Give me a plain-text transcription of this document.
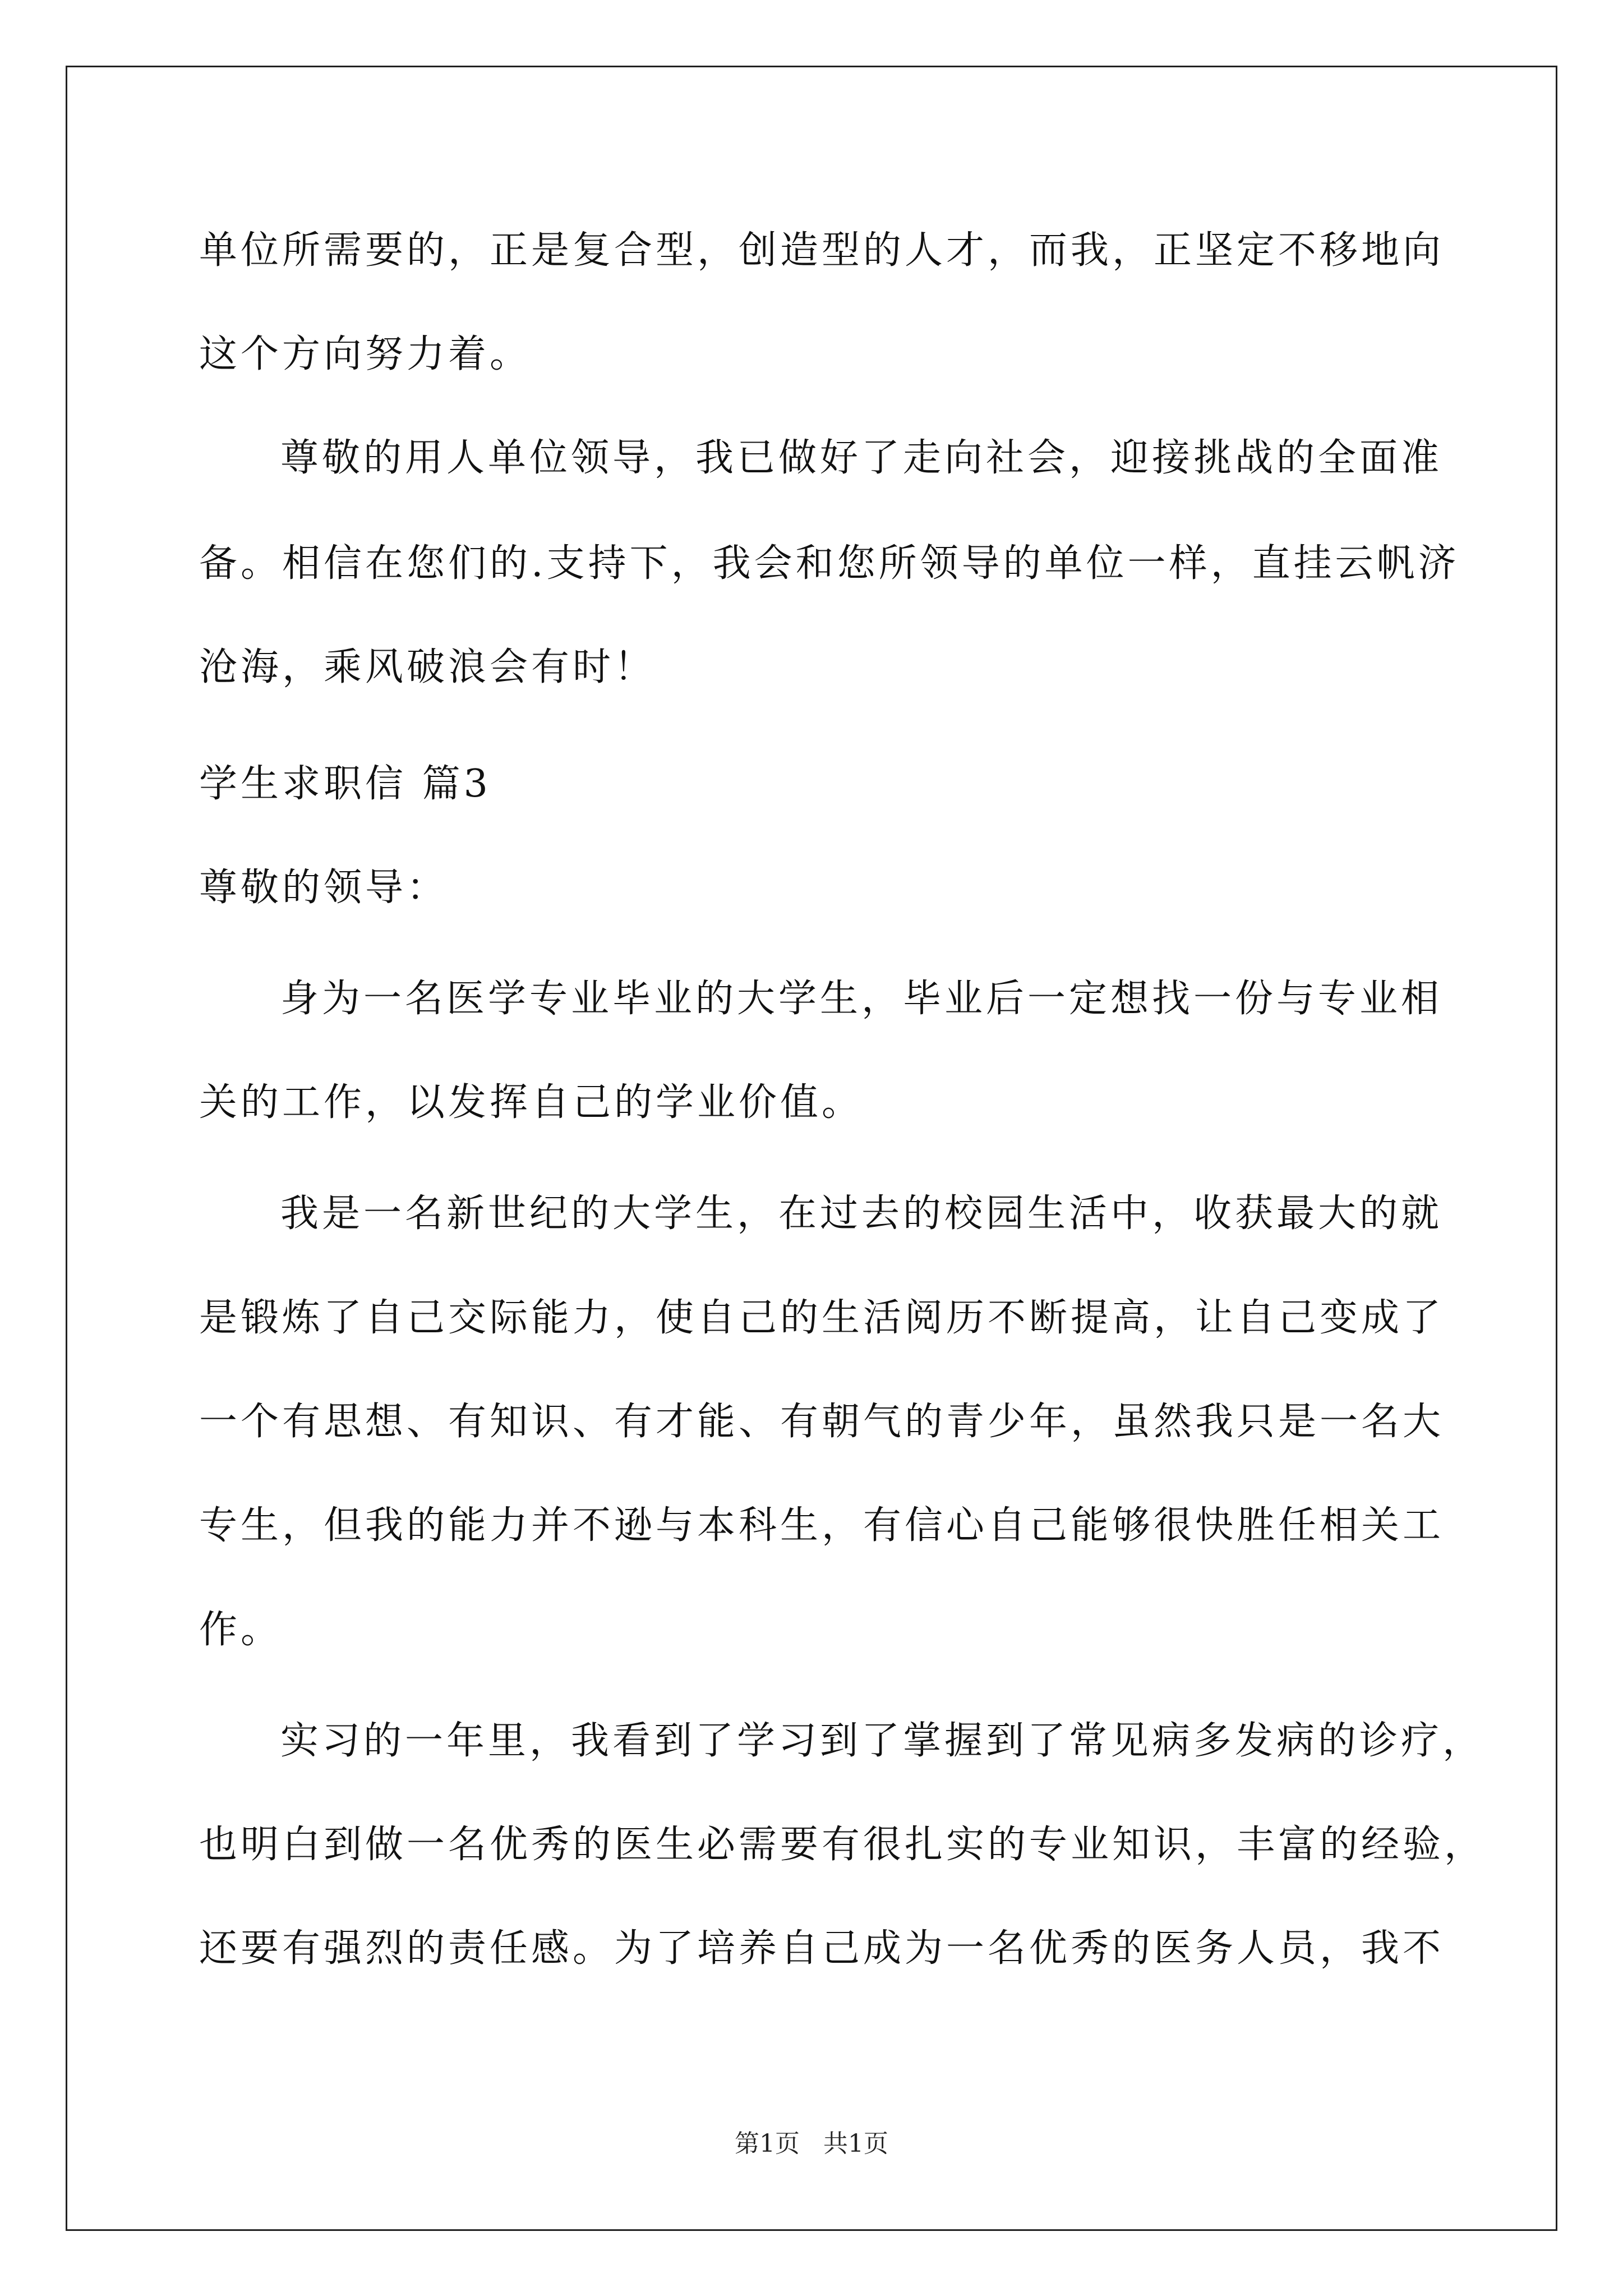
单位所需要的，正是复合型，创造型的人才，而我，正坚定不移地向
这个方向努力着。
尊敬的用人单位领导，我已做好了走向社会，迎接挑战的全面准
备。相信在您们的.支持下，我会和您所领导的单位一样，直挂云帆济
沧海，乘风破浪会有时！
学生求职信 篇3
尊敬的领导：
身为一名医学专业毕业的大学生，毕业后一定想找一份与专业相
关的工作，以发挥自己的学业价值。
我是一名新世纪的大学生，在过去的校园生活中，收获最大的就
是锻炼了自己交际能力，使自己的生活阅历不断提高，让自己变成了
一个有思想、有知识、有才能、有朝气的青少年，虽然我只是一名大
专生，但我的能力并不逊与本科生，有信心自己能够很快胜任相关工
作。
实习的一年里，我看到了学习到了掌握到了常见病多发病的诊疗，
也明白到做一名优秀的医生必需要有很扎实的专业知识，丰富的经验，
还要有强烈的责任感。为了培养自己成为一名优秀的医务人员，我不
第1页   共1页
